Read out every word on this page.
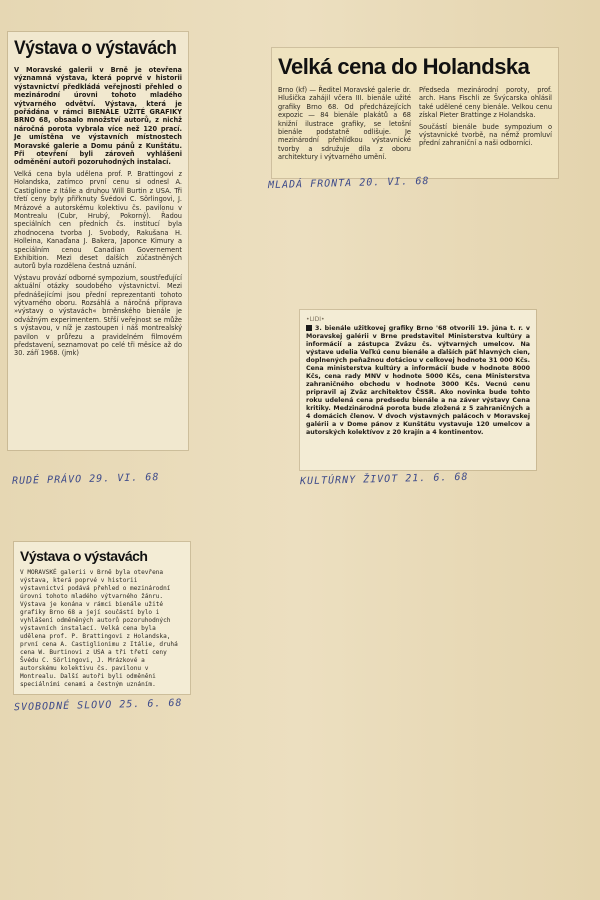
Výstava o výstavách

V Moravské galerii v Brně je otevřena významná výstava, která poprvé v historii výstavnictví předkládá veřejnosti přehled o mezinárodní úrovni tohoto mladého výtvarného odvětví. Výstava, která je pořádána v rámci BIENÁLE UŽITÉ GRAFIKY BRNO 68, obsaalo množství autorů, z nichž náročná porota vybrala více než 120 prací. Je umístěna ve výstavních místnostech Moravské galerie a Domu pánů z Kunštátu. Při otevření byli zároveň vyhlášeni odměnění autoři pozoruhodných instalací.

Velká cena byla udělena prof. P. Brattingovi z Holandska, zatímco první cenu si odnesl A. Castiglione z Itálie a druhou Will Burtin z USA. Tři třetí ceny byly přiřknuty Švédovi C. Sörlingovi, J. Mrázové a autorskému kolektivu čs. pavilonu v Montrealu (Cubr, Hrubý, Pokorný). Řadou speciálních cen předních čs. institucí byla zhodnocena tvorba J. Svobody, Rakušana H. Holleina, Kanaďana J. Bakera, Japonce Kimury a speciálním cenou Canadian Governement Exhibition. Mezi deset dalších zúčastněných autorů byla rozdělena čestná uznání.

Výstavu provází odborné sympozium, soustřeďující aktuální otázky soudobého výstavnictví. Mezi přednášejícími jsou přední reprezentanti tohoto výtvarného oboru. Rozsáhlá a náročná příprava »výstavy o výstavách« brněnského bienále je odvážným experimentem. Střší veřejnost se může s výstavou, v níž je zastoupen i náš montrealský pavilon v průřezu a pravidelném filmovém představení, seznamovat po celé tři měsíce až do 30. září 1968. (jmk)

RUDÉ PRÁVO 29. VI. 68
Velká cena do Holandska

Brno (kf) — Ředitel Moravské galerie dr. Hlušička zahájil včera III. bienále užité grafiky Brno 68. Od předcházejících expozic — 84 bienále plakátů a 68 knižní ilustrace grafiky, se letošní bienále podstatně odlišuje. Je mezinárodní přehlídkou výstavnické tvorby a sdružuje díla z oboru architektury i výtvarného umění.

Předseda mezinárodní poroty, prof. arch. Hans Fischli ze Švýcarska ohlásil také udělené ceny bienále. Velkou cenu získal Pieter Brattinge z Holandska.

Součástí bienále bude sympozium o výstavnické tvorbě, na němž promluví přední zahraniční a naši odborníci.

MLADÁ FRONTA 20. VI. 68
•LIDI•

3. bienále užitkovej grafiky Brno '68 otvorili 19. júna t. r. v Moravskej galérii v Brne predstavitel Ministerstva kultúry a informácií a zástupca Zväzu čs. výtvarných umelcov. Na výstave udelia Veľkú cenu bienále a ďalších päť hlavných cien, doplnených peňažnou dotáciou v celkovej hodnote 31 000 Kčs. Cena ministerstva kultúry a informácií bude v hodnote 8000 Kčs, cena rady MNV v hodnote 5000 Kčs, cena Ministerstva zahraničného obchodu v hodnote 3000 Kčs. Vecnú cenu pripravil aj Zväz architektov ČSSR. Ako novinka bude tohto roku udelená cena predsedu bienále a na záver výstavy Cena kritiky. Medzinárodná porota bude zložená z 5 zahraničných a 4 domácich členov. V dvoch výstavných palácoch v Moravskej galérii a v Dome pánov z Kunštátu vystavuje 120 umelcov a autorských kolektívov z 20 krajín a 4 kontinentov.

KULTÚRNY ŽIVOT 21. 6. 68
Výstava o výstavách

V MORAVSKÉ galerii v Brně byla otevřena výstava, která poprvé v historii výstavnictví podává přehled o mezinárodní úrovni tohoto mladého výtvarného žánru. Výstava je konána v rámci bienále užité grafiky Brno 68 a její součástí bylo i vyhlášení odměněných autorů pozoruhodných výstavních instalací. Velká cena byla udělena prof. P. Brattingovi z Holandska, první cena A. Castiglionimu z Itálie, druhá cena W. Burtinovi z USA a tři třetí ceny Švédu C. Sörlingovi, J. Mrázkové a autorskému kolektivu čs. pavilonu v Montrealu. Další autoři byli odměněni speciálními cenami a čestným uznáním.

SVOBODNÉ SLOVO 25. 6. 68
